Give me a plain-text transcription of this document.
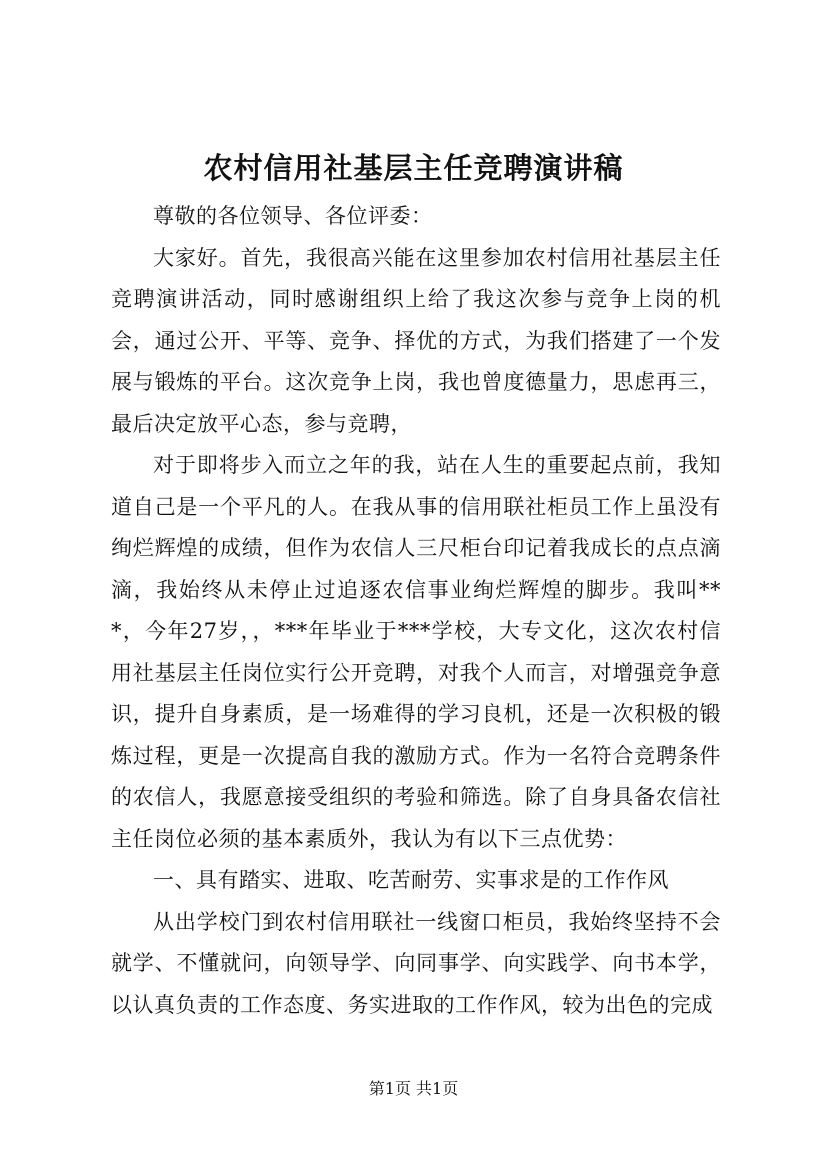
农村信用社基层主任竞聘演讲稿

尊敬的各位领导、各位评委：

大家好。首先，我很高兴能在这里参加农村信用社基层主任竞聘演讲活动，同时感谢组织上给了我这次参与竞争上岗的机会，通过公开、平等、竞争、择优的方式，为我们搭建了一个发展与锻炼的平台。这次竞争上岗，我也曾度德量力，思虑再三，最后决定放平心态，参与竞聘，

对于即将步入而立之年的我，站在人生的重要起点前，我知道自己是一个平凡的人。在我从事的信用联社柜员工作上虽没有绚烂辉煌的成绩，但作为农信人三尺柜台印记着我成长的点点滴滴，我始终从未停止过追逐农信事业绚烂辉煌的脚步。我叫***，今年27岁，，***年毕业于***学校，大专文化，这次农村信用社基层主任岗位实行公开竞聘，对我个人而言，对增强竞争意识，提升自身素质，是一场难得的学习良机，还是一次积极的锻炼过程，更是一次提高自我的激励方式。作为一名符合竞聘条件的农信人，我愿意接受组织的考验和筛选。除了自身具备农信社主任岗位必须的基本素质外，我认为有以下三点优势：

一、具有踏实、进取、吃苦耐劳、实事求是的工作作风

从出学校门到农村信用联社一线窗口柜员，我始终坚持不会就学、不懂就问，向领导学、向同事学、向实践学、向书本学，以认真负责的工作态度、务实进取的工作作风，较为出色的完成

第1页 共1页
